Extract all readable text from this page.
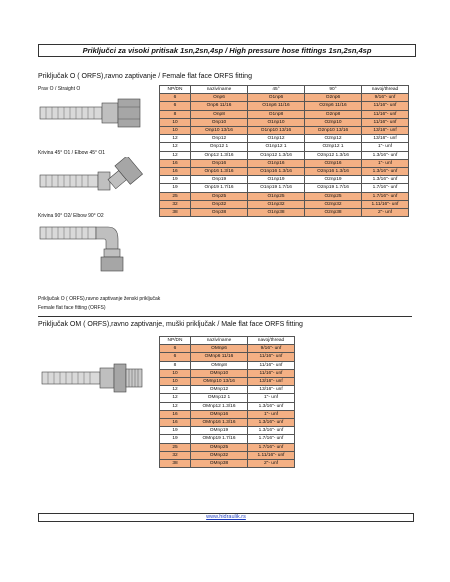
Priključci za visoki pritisak 1sn,2sn,4sp / High pressure hose fittings 1sn,2sn,4sp
Priključak O ( ORFS),ravno zaptivanje / Female flat face ORFS fitting
Prav O / Straight O
Krivina 45° O1 / Elbow 45° O1
Krivina 90° O2/ Elbow 90° O2
Priključak O ( ORFS),ravno zaptivanje ženski priključak
Female flat face fitting (ORFS)
NP/DN	naziv/name	45°	90°	navoj/thread
6	Onp6	O1np6	O2np6	9/16"- unf
6	Onp6 11/16	O1np6 11/16	O2np6 11/16	11/16"- unf
8	Onp8	O1np8	O2np8	11/16"- unf
10	Onp10	O1np10	O2np10	11/16"- unf
10	Onp10 13/16	O1np10 13/16	O2np10 13/16	13/16"- unf
12	Onp12	O1np12	O2np12	13/16"- unf
12	Onp12 1	O1np12 1	O2np12 1	1"- unf
12	Onp12 1.3/16	O1np12 1.3/16	O2np12 1.3/16	1.3/16"- unf
16	Onp16	O1np16	O2np16	1"- unf
16	Onp16 1.3/16	O1np16 1.3/16	O2np16 1.3/16	1.3/16"- unf
19	Onp19	O1np19	O2np19	1.3/16"- unf
19	Onp19 1.7/16	O1np19 1.7/16	O2np19 1.7/16	1.7/16"- unf
25	Onp25	O1np25	O2np25	1.7/16"- unf
32	Onp32	O1np32	O2np32	1.11/16"- unf
38	Onp38	O1np38	O2np38	2"- unf
Priključak OM ( ORFS),ravno zaptivanje, muški priključak / Male flat face ORFS fitting
NP/DN	naziv/name	navoj/thread
6	OMnp6	9/16"- unf
6	OMnp6 11/16	11/16"- unf
8	OMnp8	11/16"- unf
10	OMnp10	11/16"- unf
10	OMnp10 13/16	13/16"- unf
12	OMnp12	13/16"- unf
12	OMnp12 1	1"- unf
12	OMnp12 1.3/16	1.3/16"- unf
16	OMnp16	1"- unf
16	OMnp16 1.3/16	1.3/16"- unf
19	OMnp19	1.3/16"- unf
19	OMnp19 1.7/16	1.7/16"- unf
25	OMnp25	1.7/16"- unf
32	OMnp32	1.11/16"- unf
38	OMnp38	2"- unf
www.hidraulik.rs
